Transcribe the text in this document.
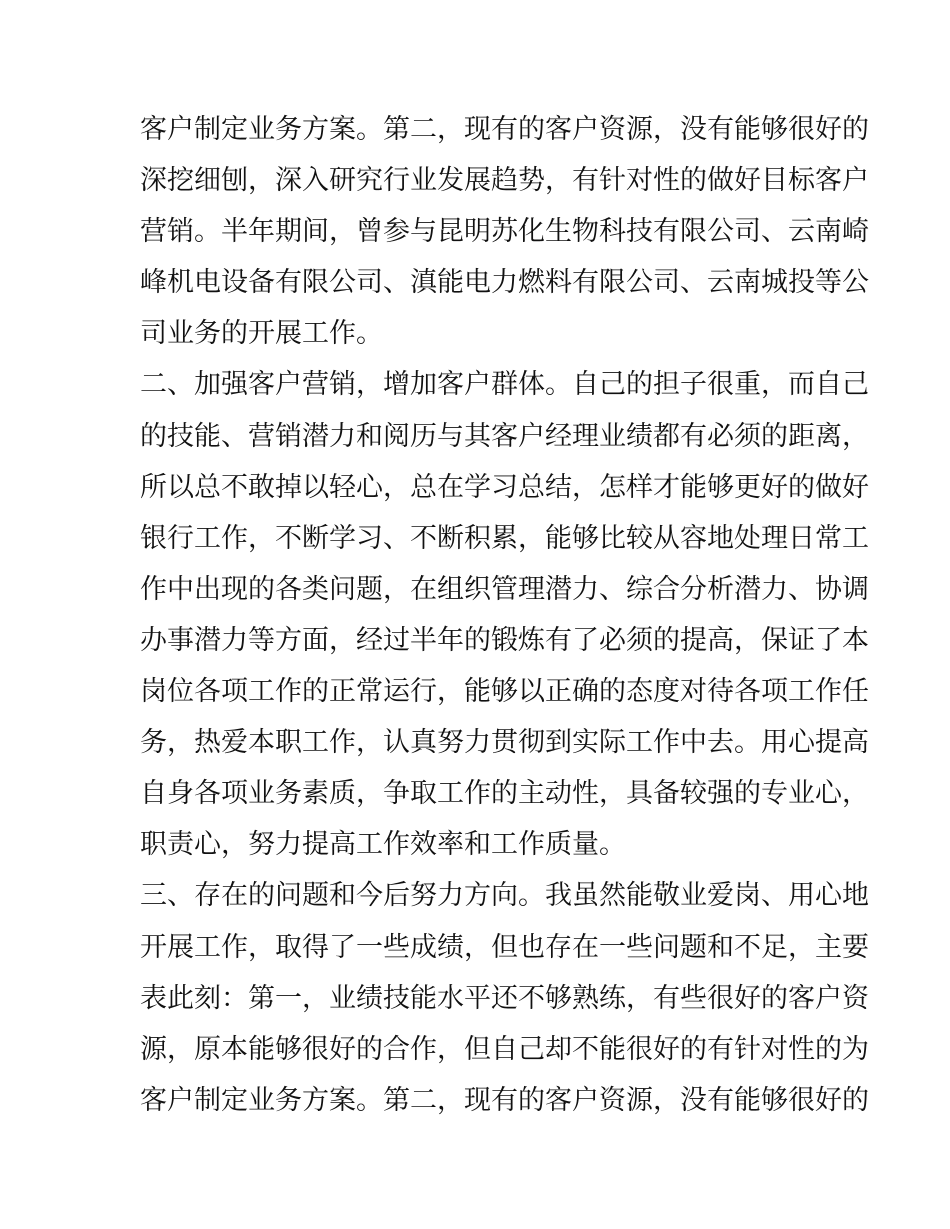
客户制定业务方案。第二，现有的客户资源，没有能够很好的
深挖细刨，深入研究行业发展趋势，有针对性的做好目标客户
营销。半年期间，曾参与昆明苏化生物科技有限公司、云南崎
峰机电设备有限公司、滇能电力燃料有限公司、云南城投等公
司业务的开展工作。
二、加强客户营销，增加客户群体。自己的担子很重，而自己
的技能、营销潜力和阅历与其客户经理业绩都有必须的距离，
所以总不敢掉以轻心，总在学习总结，怎样才能够更好的做好
银行工作，不断学习、不断积累，能够比较从容地处理日常工
作中出现的各类问题，在组织管理潜力、综合分析潜力、协调
办事潜力等方面，经过半年的锻炼有了必须的提高，保证了本
岗位各项工作的正常运行，能够以正确的态度对待各项工作任
务，热爱本职工作，认真努力贯彻到实际工作中去。用心提高
自身各项业务素质，争取工作的主动性，具备较强的专业心，
职责心，努力提高工作效率和工作质量。
三、存在的问题和今后努力方向。我虽然能敬业爱岗、用心地
开展工作，取得了一些成绩，但也存在一些问题和不足，主要
表此刻：第一，业绩技能水平还不够熟练，有些很好的客户资
源，原本能够很好的合作，但自己却不能很好的有针对性的为
客户制定业务方案。第二，现有的客户资源，没有能够很好的
